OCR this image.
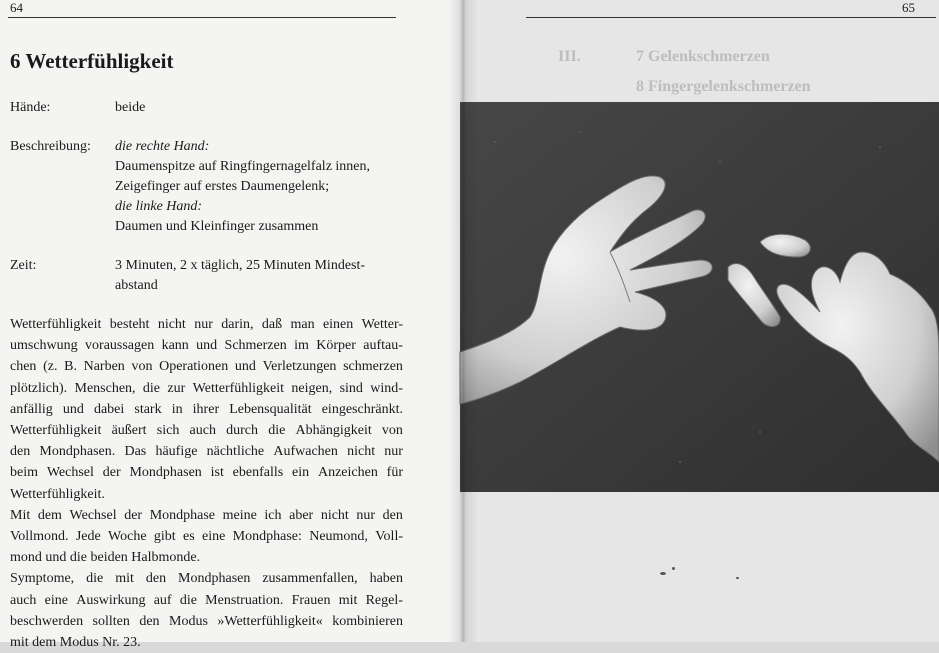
64
6 Wetterfühligkeit
Hände:	beide
Beschreibung: die rechte Hand:
Daumenspitze auf Ringfingernagelfalz innen,
Zeigefinger auf erstes Daumengelenk;
die linke Hand:
Daumen und Kleinfinger zusammen
Zeit:	3 Minuten, 2 x täglich, 25 Minuten Mindest-
abstand
Wetterfühligkeit besteht nicht nur darin, daß man einen Wetter-
umschwung voraussagen kann und Schmerzen im Körper auftau-
chen (z. B. Narben von Operationen und Verletzungen schmerzen
plötzlich). Menschen, die zur Wetterfühligkeit neigen, sind wind-
anfällig und dabei stark in ihrer Lebensqualität eingeschränkt.
Wetterfühligkeit äußert sich auch durch die Abhängigkeit von
den Mondphasen. Das häufige nächtliche Aufwachen nicht nur
beim Wechsel der Mondphasen ist ebenfalls ein Anzeichen für
Wetterfühligkeit.
Mit dem Wechsel der Mondphase meine ich aber nicht nur den
Vollmond. Jede Woche gibt es eine Mondphase: Neumond, Voll-
mond und die beiden Halbmonde.
Symptome, die mit den Mondphasen zusammenfallen, haben
auch eine Auswirkung auf die Menstruation. Frauen mit Regel-
beschwerden sollten den Modus »Wetterfühligkeit« kombinieren
mit dem Modus Nr. 23.
65
III.	7 Gelenkschmerzen
8 Fingergelenkschmerzen
